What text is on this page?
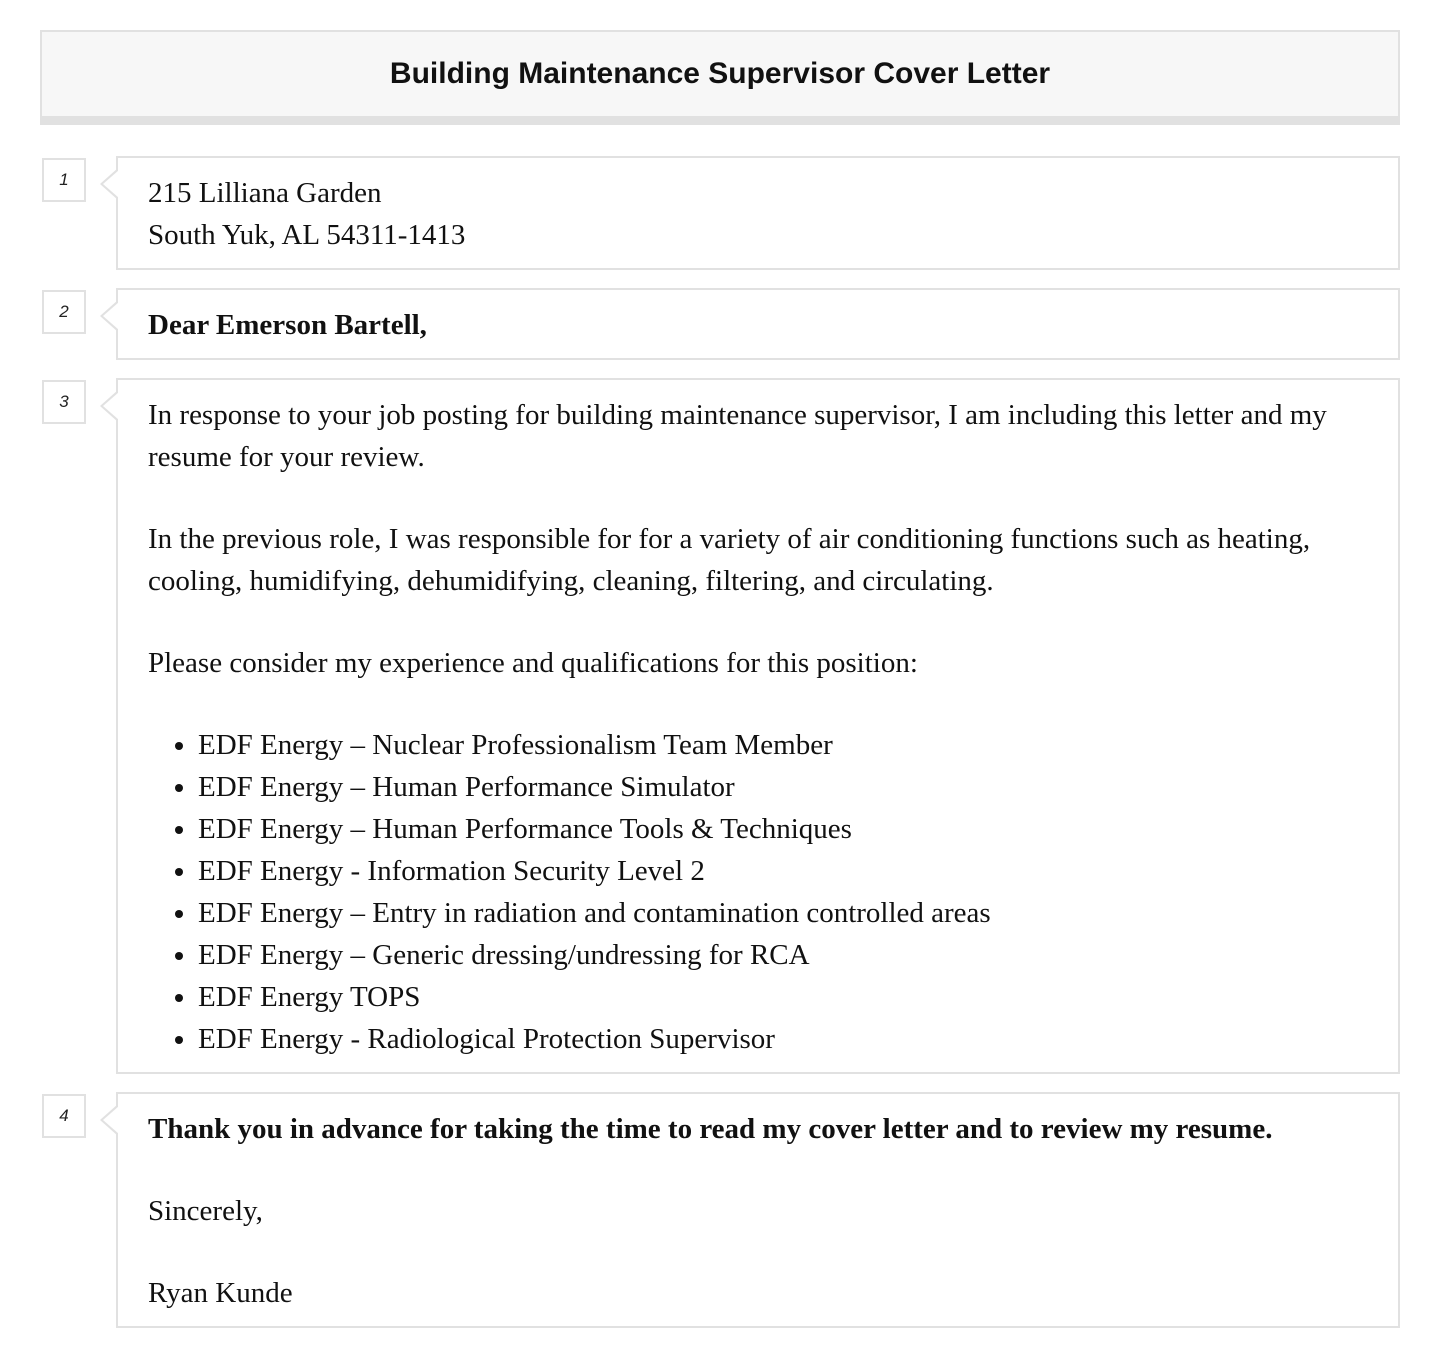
Building Maintenance Supervisor Cover Letter
1	215 Lilliana Garden

South Yuk, AL 54311-1413

2	Dear Emerson Bartell,

3	In response to your job posting for building maintenance supervisor, I am including this letter and my resume for your review.

In the previous role, I was responsible for for a variety of air conditioning functions such as heating, cooling, humidifying, dehumidifying, cleaning, filtering, and circulating.

Please consider my experience and qualifications for this position:

• EDF Energy – Nuclear Professionalism Team Member
• EDF Energy – Human Performance Simulator
• EDF Energy – Human Performance Tools & Techniques
• EDF Energy - Information Security Level 2
• EDF Energy – Entry in radiation and contamination controlled areas
• EDF Energy – Generic dressing/undressing for RCA
• EDF Energy TOPS
• EDF Energy - Radiological Protection Supervisor
4	Thank you in advance for taking the time to read my cover letter and to review my resume.

Sincerely,

Ryan Kunde
